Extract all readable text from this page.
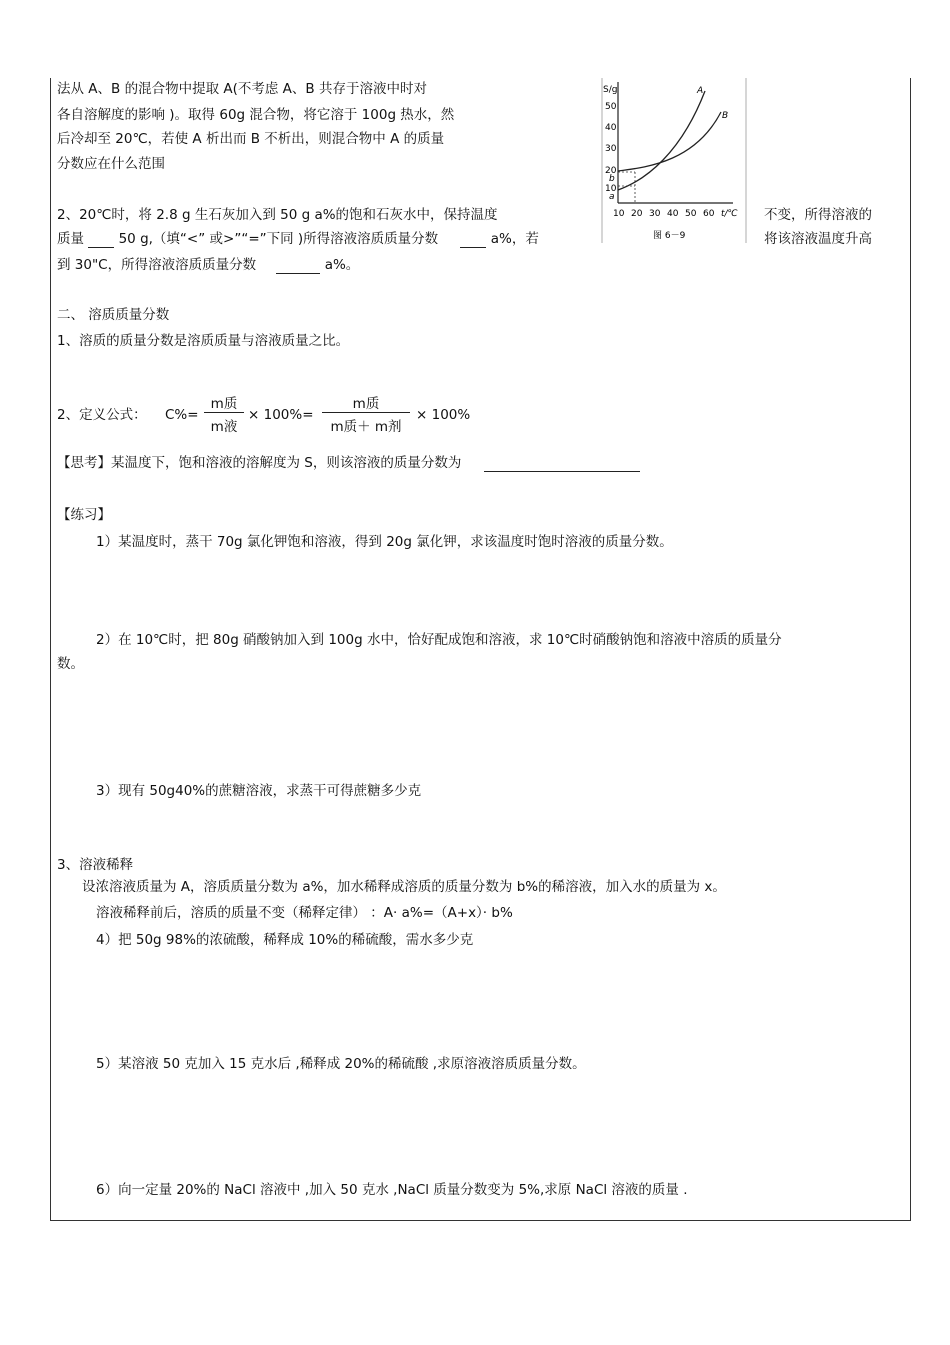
法从 A、B 的混合物中提取 A(不考虑 A、B 共存于溶液中时对
各自溶解度的影响 )。取得 60g 混合物，将它溶于 100g 热水，然
后冷却至 20℃，若使 A 析出而 B 不析出，则混合物中 A 的质量
分数应在什么范围
S/g
50
40
30
20
b
10
a
10 20 30 40 50 60 t/℃
A
B
图 6－9
2、20℃时，将 2.8 g 生石灰加入到 50 g a%的饱和石灰水中，保持温度	不变，所得溶液的
质量	50 g,（填“<” 或>”“=”下同 )所得溶液溶质质量分数	a%，若	将该溶液温度升高
到 30"C，所得溶液溶质质量分数	a%。
二、 溶质质量分数
1、溶质的质量分数是溶质质量与溶液质量之比。
2、定义公式： C%=
m质
m液
× 100%=
m质
m质＋ m剂
× 100%
【思考】某温度下，饱和溶液的溶解度为 S，则该溶液的质量分数为
【练习】
1）某温度时，蒸干 70g 氯化钾饱和溶液，得到 20g 氯化钾，求该温度时饱时溶液的质量分数。
2）在 10℃时，把 80g 硝酸钠加入到 100g 水中，恰好配成饱和溶液，求 10℃时硝酸钠饱和溶液中溶质的质量分
数。
3）现有 50g40%的蔗糖溶液，求蒸干可得蔗糖多少克
3、溶液稀释
设浓溶液质量为 A，溶质质量分数为 a%，加水稀释成溶质的质量分数为 b%的稀溶液，加入水的质量为 x。
溶液稀释前后，溶质的质量不变（稀释定律） ：A· a%=（A+x）· b%
4）把 50g 98%的浓硫酸，稀释成 10%的稀硫酸，需水多少克
5）某溶液 50 克加入 15 克水后 ,稀释成 20%的稀硫酸 ,求原溶液溶质质量分数。
6）向一定量 20%的 NaCl 溶液中 ,加入 50 克水 ,NaCl 质量分数变为 5%,求原 NaCl 溶液的质量 .
